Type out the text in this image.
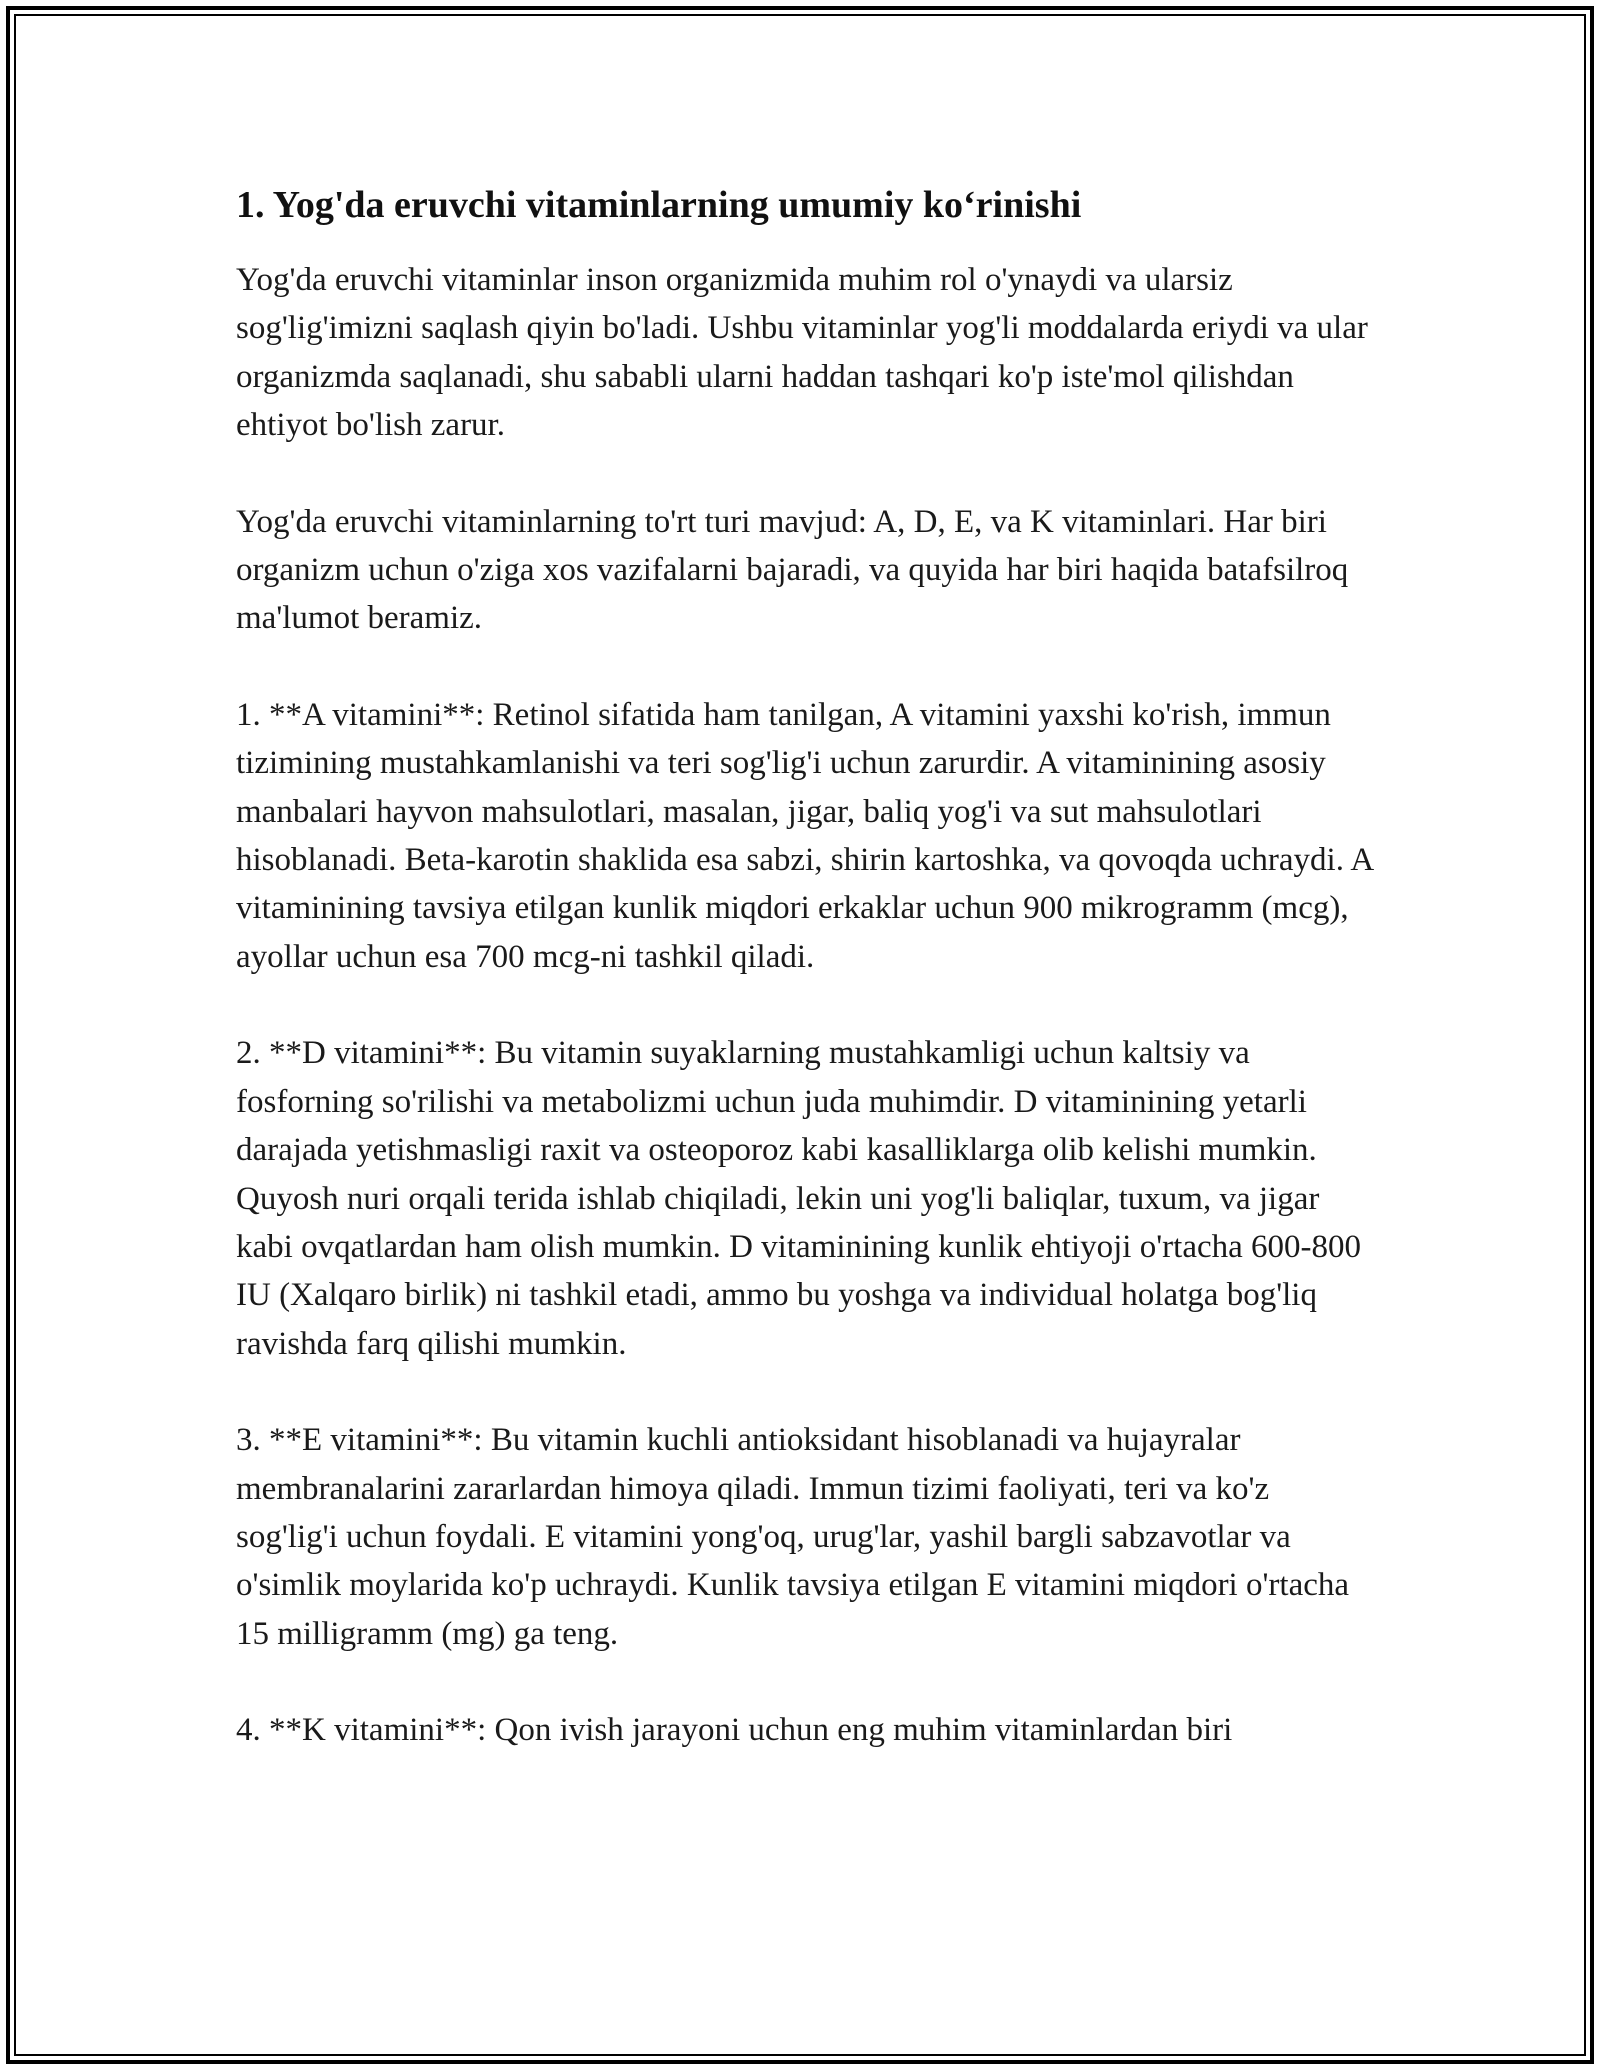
1. Yog'da eruvchi vitaminlarning umumiy ko‘rinishi

Yog'da eruvchi vitaminlar inson organizmida muhim rol o'ynaydi va ularsiz sog'lig'imizni saqlash qiyin bo'ladi. Ushbu vitaminlar yog'li moddalarda eriydi va ular organizmda saqlanadi, shu sababli ularni haddan tashqari ko'p iste'mol qilishdan ehtiyot bo'lish zarur.

Yog'da eruvchi vitaminlarning to'rt turi mavjud: A, D, E, va K vitaminlari. Har biri organizm uchun o'ziga xos vazifalarni bajaradi, va quyida har biri haqida batafsilroq ma'lumot beramiz.

1. **A vitamini**: Retinol sifatida ham tanilgan, A vitamini yaxshi ko'rish, immun tizimining mustahkamlanishi va teri sog'lig'i uchun zarurdir. A vitaminining asosiy manbalari hayvon mahsulotlari, masalan, jigar, baliq yog'i va sut mahsulotlari hisoblanadi. Beta-karotin shaklida esa sabzi, shirin kartoshka, va qovoqda uchraydi. A vitaminining tavsiya etilgan kunlik miqdori erkaklar uchun 900 mikrogramm (mcg), ayollar uchun esa 700 mcg-ni tashkil qiladi.

2. **D vitamini**: Bu vitamin suyaklarning mustahkamligi uchun kaltsiy va fosforning so'rilishi va metabolizmi uchun juda muhimdir. D vitaminining yetarli darajada yetishmasligi raxit va osteoporoz kabi kasalliklarga olib kelishi mumkin. Quyosh nuri orqali terida ishlab chiqiladi, lekin uni yog'li baliqlar, tuxum, va jigar kabi ovqatlardan ham olish mumkin. D vitaminining kunlik ehtiyoji o'rtacha 600-800 IU (Xalqaro birlik) ni tashkil etadi, ammo bu yoshga va individual holatga bog'liq ravishda farq qilishi mumkin.

3. **E vitamini**: Bu vitamin kuchli antioksidant hisoblanadi va hujayralar membranalarini zararlardan himoya qiladi. Immun tizimi faoliyati, teri va ko'z sog'lig'i uchun foydali. E vitamini yong'oq, urug'lar, yashil bargli sabzavotlar va o'simlik moylarida ko'p uchraydi. Kunlik tavsiya etilgan E vitamini miqdori o'rtacha 15 milligramm (mg) ga teng.

4. **K vitamini**: Qon ivish jarayoni uchun eng muhim vitaminlardan biri
